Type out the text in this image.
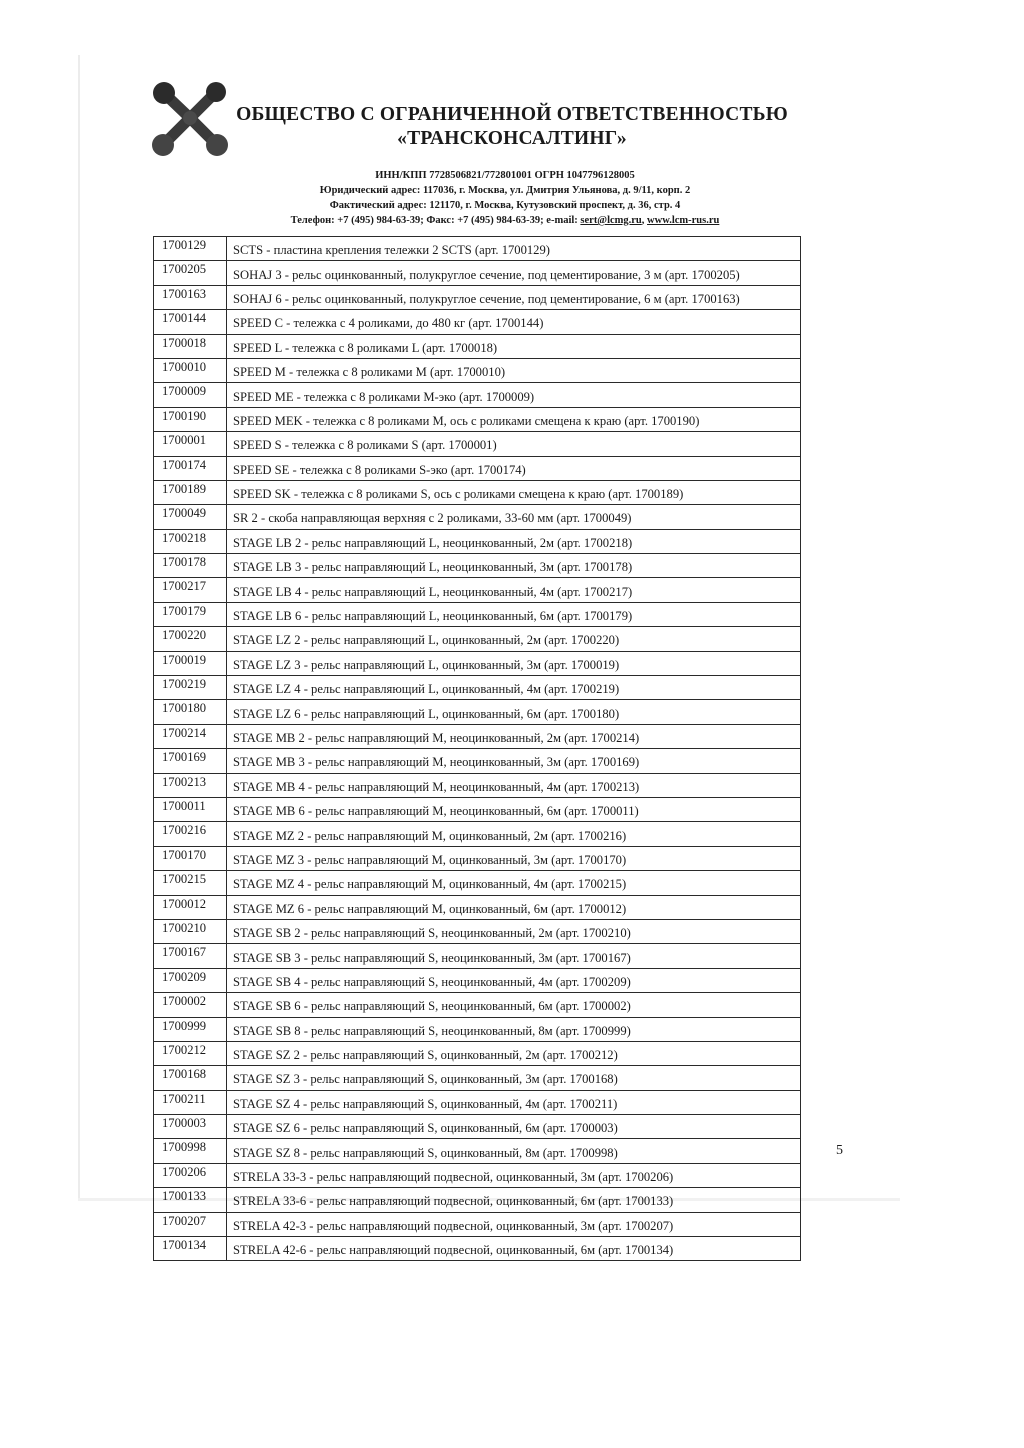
ОБЩЕСТВО С ОГРАНИЧЕННОЙ ОТВЕТСТВЕННОСТЬЮ
«ТРАНСКОНСАЛТИНГ»
ИНН/КПП 7728506821/772801001 ОГРН 1047796128005
Юридический адрес: 117036, г. Москва, ул. Дмитрия Ульянова, д. 9/11, корп. 2
Фактический адрес: 121170, г. Москва, Кутузовский проспект, д. 36, стр. 4
Телефон: +7 (495) 984-63-39; Факс: +7 (495) 984-63-39; e-mail: sert@lcmg.ru, www.lcm-rus.ru
1700129	SCTS - пластина крепления тележки 2 SCTS (арт. 1700129)
1700205	SOHAJ 3 - рельс оцинкованный, полукруглое сечение, под цементирование, 3 м (арт. 1700205)
1700163	SOHAJ 6 - рельс оцинкованный, полукруглое сечение, под цементирование, 6 м (арт. 1700163)
1700144	SPEED С - тележка с 4 роликами, до 480 кг (арт. 1700144)
1700018	SPEED L - тележка с 8 роликами L (арт. 1700018)
1700010	SPEED M - тележка с 8 роликами M (арт. 1700010)
1700009	SPEED ME - тележка с 8 роликами M-эко (арт. 1700009)
1700190	SPEED MEK - тележка с 8 роликами M, ось с роликами смещена к краю (арт. 1700190)
1700001	SPEED S - тележка с 8 роликами S (арт. 1700001)
1700174	SPEED SE - тележка с 8 роликами S-эко (арт. 1700174)
1700189	SPEED SK - тележка с 8 роликами S, ось с роликами смещена к краю (арт. 1700189)
1700049	SR 2 - скоба направляющая верхняя с 2 роликами, 33-60 мм (арт. 1700049)
1700218	STAGE LB 2 - рельс направляющий L, неоцинкованный, 2м (арт. 1700218)
1700178	STAGE LB 3 - рельс направляющий L, неоцинкованный, 3м (арт. 1700178)
1700217	STAGE LB 4 - рельс направляющий L, неоцинкованный, 4м (арт. 1700217)
1700179	STAGE LB 6 - рельс направляющий L, неоцинкованный, 6м (арт. 1700179)
1700220	STAGE LZ 2 - рельс направляющий L, оцинкованный, 2м (арт. 1700220)
1700019	STAGE LZ 3 - рельс направляющий L, оцинкованный, 3м (арт. 1700019)
1700219	STAGE LZ 4 - рельс направляющий L, оцинкованный, 4м (арт. 1700219)
1700180	STAGE LZ 6 - рельс направляющий L, оцинкованный, 6м (арт. 1700180)
1700214	STAGE MB 2 - рельс направляющий M, неоцинкованный, 2м (арт. 1700214)
1700169	STAGE MB 3 - рельс направляющий M, неоцинкованный, 3м (арт. 1700169)
1700213	STAGE MB 4 - рельс направляющий M, неоцинкованный, 4м (арт. 1700213)
1700011	STAGE MB 6 - рельс направляющий M, неоцинкованный, 6м (арт. 1700011)
1700216	STAGE MZ 2 - рельс направляющий M, оцинкованный, 2м (арт. 1700216)
1700170	STAGE MZ 3 - рельс направляющий M, оцинкованный, 3м (арт. 1700170)
1700215	STAGE MZ 4 - рельс направляющий M, оцинкованный, 4м (арт. 1700215)
1700012	STAGE MZ 6 - рельс направляющий M, оцинкованный, 6м (арт. 1700012)
1700210	STAGE SB 2 - рельс направляющий S, неоцинкованный, 2м (арт. 1700210)
1700167	STAGE SB 3 - рельс направляющий S, неоцинкованный, 3м (арт. 1700167)
1700209	STAGE SB 4 - рельс направляющий S, неоцинкованный, 4м (арт. 1700209)
1700002	STAGE SB 6 - рельс направляющий S, неоцинкованный, 6м (арт. 1700002)
1700999	STAGE SB 8 - рельс направляющий S, неоцинкованный, 8м (арт. 1700999)
1700212	STAGE SZ 2 - рельс направляющий S, оцинкованный, 2м (арт. 1700212)
1700168	STAGE SZ 3 - рельс направляющий S, оцинкованный, 3м (арт. 1700168)
1700211	STAGE SZ 4 - рельс направляющий S, оцинкованный, 4м (арт. 1700211)
1700003	STAGE SZ 6 - рельс направляющий S, оцинкованный, 6м (арт. 1700003)
1700998	STAGE SZ 8 - рельс направляющий S, оцинкованный, 8м (арт. 1700998)
1700206	STRELA 33-3 - рельс направляющий подвесной, оцинкованный, 3м (арт. 1700206)
1700133	STRELA 33-6 - рельс направляющий подвесной, оцинкованный, 6м (арт. 1700133)
1700207	STRELA 42-3 - рельс направляющий подвесной, оцинкованный, 3м (арт. 1700207)
1700134	STRELA 42-6 - рельс направляющий подвесной, оцинкованный, 6м (арт. 1700134)
5
